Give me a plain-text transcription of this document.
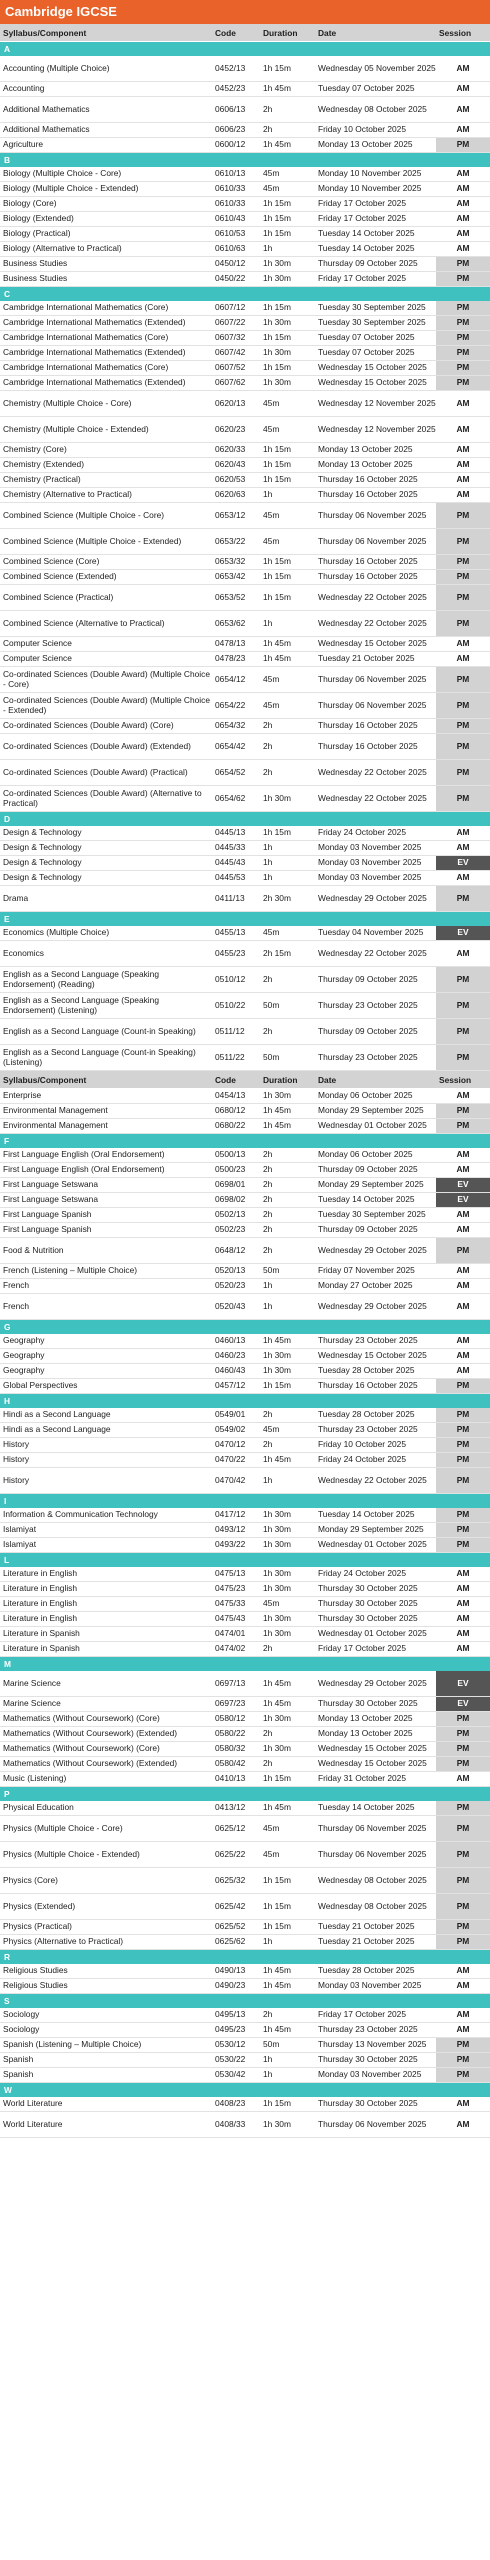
Cambridge IGCSE
Syllabus/Component	Code	Duration	Date	Session
A
Accounting (Multiple Choice)	0452/13	1h 15m	Wednesday 05 November 2025	AM
Accounting	0452/23	1h 45m	Tuesday 07 October 2025	AM
Additional Mathematics	0606/13	2h	Wednesday 08 October 2025	AM
Additional Mathematics	0606/23	2h	Friday 10 October 2025	AM
Agriculture	0600/12	1h 45m	Monday 13 October 2025	PM
B
Biology (Multiple Choice - Core)	0610/13	45m	Monday 10 November 2025	AM
Biology (Multiple Choice - Extended)	0610/33	45m	Monday 10 November 2025	AM
Biology (Core)	0610/33	1h 15m	Friday 17 October 2025	AM
Biology (Extended)	0610/43	1h 15m	Friday 17 October 2025	AM
Biology (Practical)	0610/53	1h 15m	Tuesday 14 October 2025	AM
Biology (Alternative to Practical)	0610/63	1h	Tuesday 14 October 2025	AM
Business Studies	0450/12	1h 30m	Thursday 09 October 2025	PM
Business Studies	0450/22	1h 30m	Friday 17 October 2025	PM
C
Cambridge International Mathematics (Core)	0607/12	1h 15m	Tuesday 30 September 2025	PM
Cambridge International Mathematics (Extended)	0607/22	1h 30m	Tuesday 30 September 2025	PM
Cambridge International Mathematics (Core)	0607/32	1h 15m	Tuesday 07 October 2025	PM
Cambridge International Mathematics (Extended)	0607/42	1h 30m	Tuesday 07 October 2025	PM
Cambridge International Mathematics (Core)	0607/52	1h 15m	Wednesday 15 October 2025	PM
Cambridge International Mathematics (Extended)	0607/62	1h 30m	Wednesday 15 October 2025	PM
Chemistry (Multiple Choice - Core)	0620/13	45m	Wednesday 12 November 2025	AM
Chemistry (Multiple Choice - Extended)	0620/23	45m	Wednesday 12 November 2025	AM
Chemistry (Core)	0620/33	1h 15m	Monday 13 October 2025	AM
Chemistry (Extended)	0620/43	1h 15m	Monday 13 October 2025	AM
Chemistry (Practical)	0620/53	1h 15m	Thursday 16 October 2025	AM
Chemistry (Alternative to Practical)	0620/63	1h	Thursday 16 October 2025	AM
Combined Science (Multiple Choice - Core)	0653/12	45m	Thursday 06 November 2025	PM
Combined Science (Multiple Choice - Extended)	0653/22	45m	Thursday 06 November 2025	PM
Combined Science (Core)	0653/32	1h 15m	Thursday 16 October 2025	PM
Combined Science (Extended)	0653/42	1h 15m	Thursday 16 October 2025	PM
Combined Science (Practical)	0653/52	1h 15m	Wednesday 22 October 2025	PM
Combined Science (Alternative to Practical)	0653/62	1h	Wednesday 22 October 2025	PM
Computer Science	0478/13	1h 45m	Wednesday 15 October 2025	AM
Computer Science	0478/23	1h 45m	Tuesday 21 October 2025	AM
Co-ordinated Sciences (Double Award) (Multiple Choice - Core)	0654/12	45m	Thursday 06 November 2025	PM
Co-ordinated Sciences (Double Award) (Multiple Choice - Extended)	0654/22	45m	Thursday 06 November 2025	PM
Co-ordinated Sciences (Double Award) (Core)	0654/32	2h	Thursday 16 October 2025	PM
Co-ordinated Sciences (Double Award) (Extended)	0654/42	2h	Thursday 16 October 2025	PM
Co-ordinated Sciences (Double Award) (Practical)	0654/52	2h	Wednesday 22 October 2025	PM
Co-ordinated Sciences (Double Award) (Alternative to Practical)	0654/62	1h 30m	Wednesday 22 October 2025	PM
D
Design & Technology	0445/13	1h 15m	Friday 24 October 2025	AM
Design & Technology	0445/33	1h	Monday 03 November 2025	AM
Design & Technology	0445/43	1h	Monday 03 November 2025	EV
Design & Technology	0445/53	1h	Monday 03 November 2025	AM
Drama	0411/13	2h 30m	Wednesday 29 October 2025	PM
E
Economics (Multiple Choice)	0455/13	45m	Tuesday 04 November 2025	EV
Economics	0455/23	2h 15m	Wednesday 22 October 2025	AM
English as a Second Language (Speaking Endorsement) (Reading)	0510/12	2h	Thursday 09 October 2025	PM
English as a Second Language (Speaking Endorsement) (Listening)	0510/22	50m	Thursday 23 October 2025	PM
English as a Second Language (Count-in Speaking)	0511/12	2h	Thursday 09 October 2025	PM
English as a Second Language (Count-in Speaking) (Listening)	0511/22	50m	Thursday 23 October 2025	PM
Syllabus/Component	Code	Duration	Date	Session
Enterprise	0454/13	1h 30m	Monday 06 October 2025	AM
Environmental Management	0680/12	1h 45m	Monday 29 September 2025	PM
Environmental Management	0680/22	1h 45m	Wednesday 01 October 2025	PM
F
First Language English (Oral Endorsement)	0500/13	2h	Monday 06 October 2025	AM
First Language English (Oral Endorsement)	0500/23	2h	Thursday 09 October 2025	AM
First Language Setswana	0698/01	2h	Monday 29 September 2025	EV
First Language Setswana	0698/02	2h	Tuesday 14 October 2025	EV
First Language Spanish	0502/13	2h	Tuesday 30 September 2025	AM
First Language Spanish	0502/23	2h	Thursday 09 October 2025	AM
Food & Nutrition	0648/12	2h	Wednesday 29 October 2025	PM
French (Listening – Multiple Choice)	0520/13	50m	Friday 07 November 2025	AM
French	0520/23	1h	Monday 27 October 2025	AM
French	0520/43	1h	Wednesday 29 October 2025	AM
G
Geography	0460/13	1h 45m	Thursday 23 October 2025	AM
Geography	0460/23	1h 30m	Wednesday 15 October 2025	AM
Geography	0460/43	1h 30m	Tuesday 28 October 2025	AM
Global Perspectives	0457/12	1h 15m	Thursday 16 October 2025	PM
H
Hindi as a Second Language	0549/01	2h	Tuesday 28 October 2025	PM
Hindi as a Second Language	0549/02	45m	Thursday 23 October 2025	PM
History	0470/12	2h	Friday 10 October 2025	PM
History	0470/22	1h 45m	Friday 24 October 2025	PM
History	0470/42	1h	Wednesday 22 October 2025	PM
I
Information & Communication Technology	0417/12	1h 30m	Tuesday 14 October 2025	PM
Islamiyat	0493/12	1h 30m	Monday 29 September 2025	PM
Islamiyat	0493/22	1h 30m	Wednesday 01 October 2025	PM
L
Literature in English	0475/13	1h 30m	Friday 24 October 2025	AM
Literature in English	0475/23	1h 30m	Thursday 30 October 2025	AM
Literature in English	0475/33	45m	Thursday 30 October 2025	AM
Literature in English	0475/43	1h 30m	Thursday 30 October 2025	AM
Literature in Spanish	0474/01	1h 30m	Wednesday 01 October 2025	AM
Literature in Spanish	0474/02	2h	Friday 17 October 2025	AM
M
Marine Science	0697/13	1h 45m	Wednesday 29 October 2025	EV
Marine Science	0697/23	1h 45m	Thursday 30 October 2025	EV
Mathematics (Without Coursework) (Core)	0580/12	1h 30m	Monday 13 October 2025	PM
Mathematics (Without Coursework) (Extended)	0580/22	2h	Monday 13 October 2025	PM
Mathematics (Without Coursework) (Core)	0580/32	1h 30m	Wednesday 15 October 2025	PM
Mathematics (Without Coursework) (Extended)	0580/42	2h	Wednesday 15 October 2025	PM
Music (Listening)	0410/13	1h 15m	Friday 31 October 2025	AM
P
Physical Education	0413/12	1h 45m	Tuesday 14 October 2025	PM
Physics (Multiple Choice - Core)	0625/12	45m	Thursday 06 November 2025	PM
Physics (Multiple Choice - Extended)	0625/22	45m	Thursday 06 November 2025	PM
Physics (Core)	0625/32	1h 15m	Wednesday 08 October 2025	PM
Physics (Extended)	0625/42	1h 15m	Wednesday 08 October 2025	PM
Physics (Practical)	0625/52	1h 15m	Tuesday 21 October 2025	PM
Physics (Alternative to Practical)	0625/62	1h	Tuesday 21 October 2025	PM
R
Religious Studies	0490/13	1h 45m	Tuesday 28 October 2025	AM
Religious Studies	0490/23	1h 45m	Monday 03 November 2025	AM
S
Sociology	0495/13	2h	Friday 17 October 2025	AM
Sociology	0495/23	1h 45m	Thursday 23 October 2025	AM
Spanish (Listening – Multiple Choice)	0530/12	50m	Thursday 13 November 2025	PM
Spanish	0530/22	1h	Thursday 30 October 2025	PM
Spanish	0530/42	1h	Monday 03 November 2025	PM
W
World Literature	0408/23	1h 15m	Thursday 30 October 2025	AM
World Literature	0408/33	1h 30m	Thursday 06 November 2025	AM
